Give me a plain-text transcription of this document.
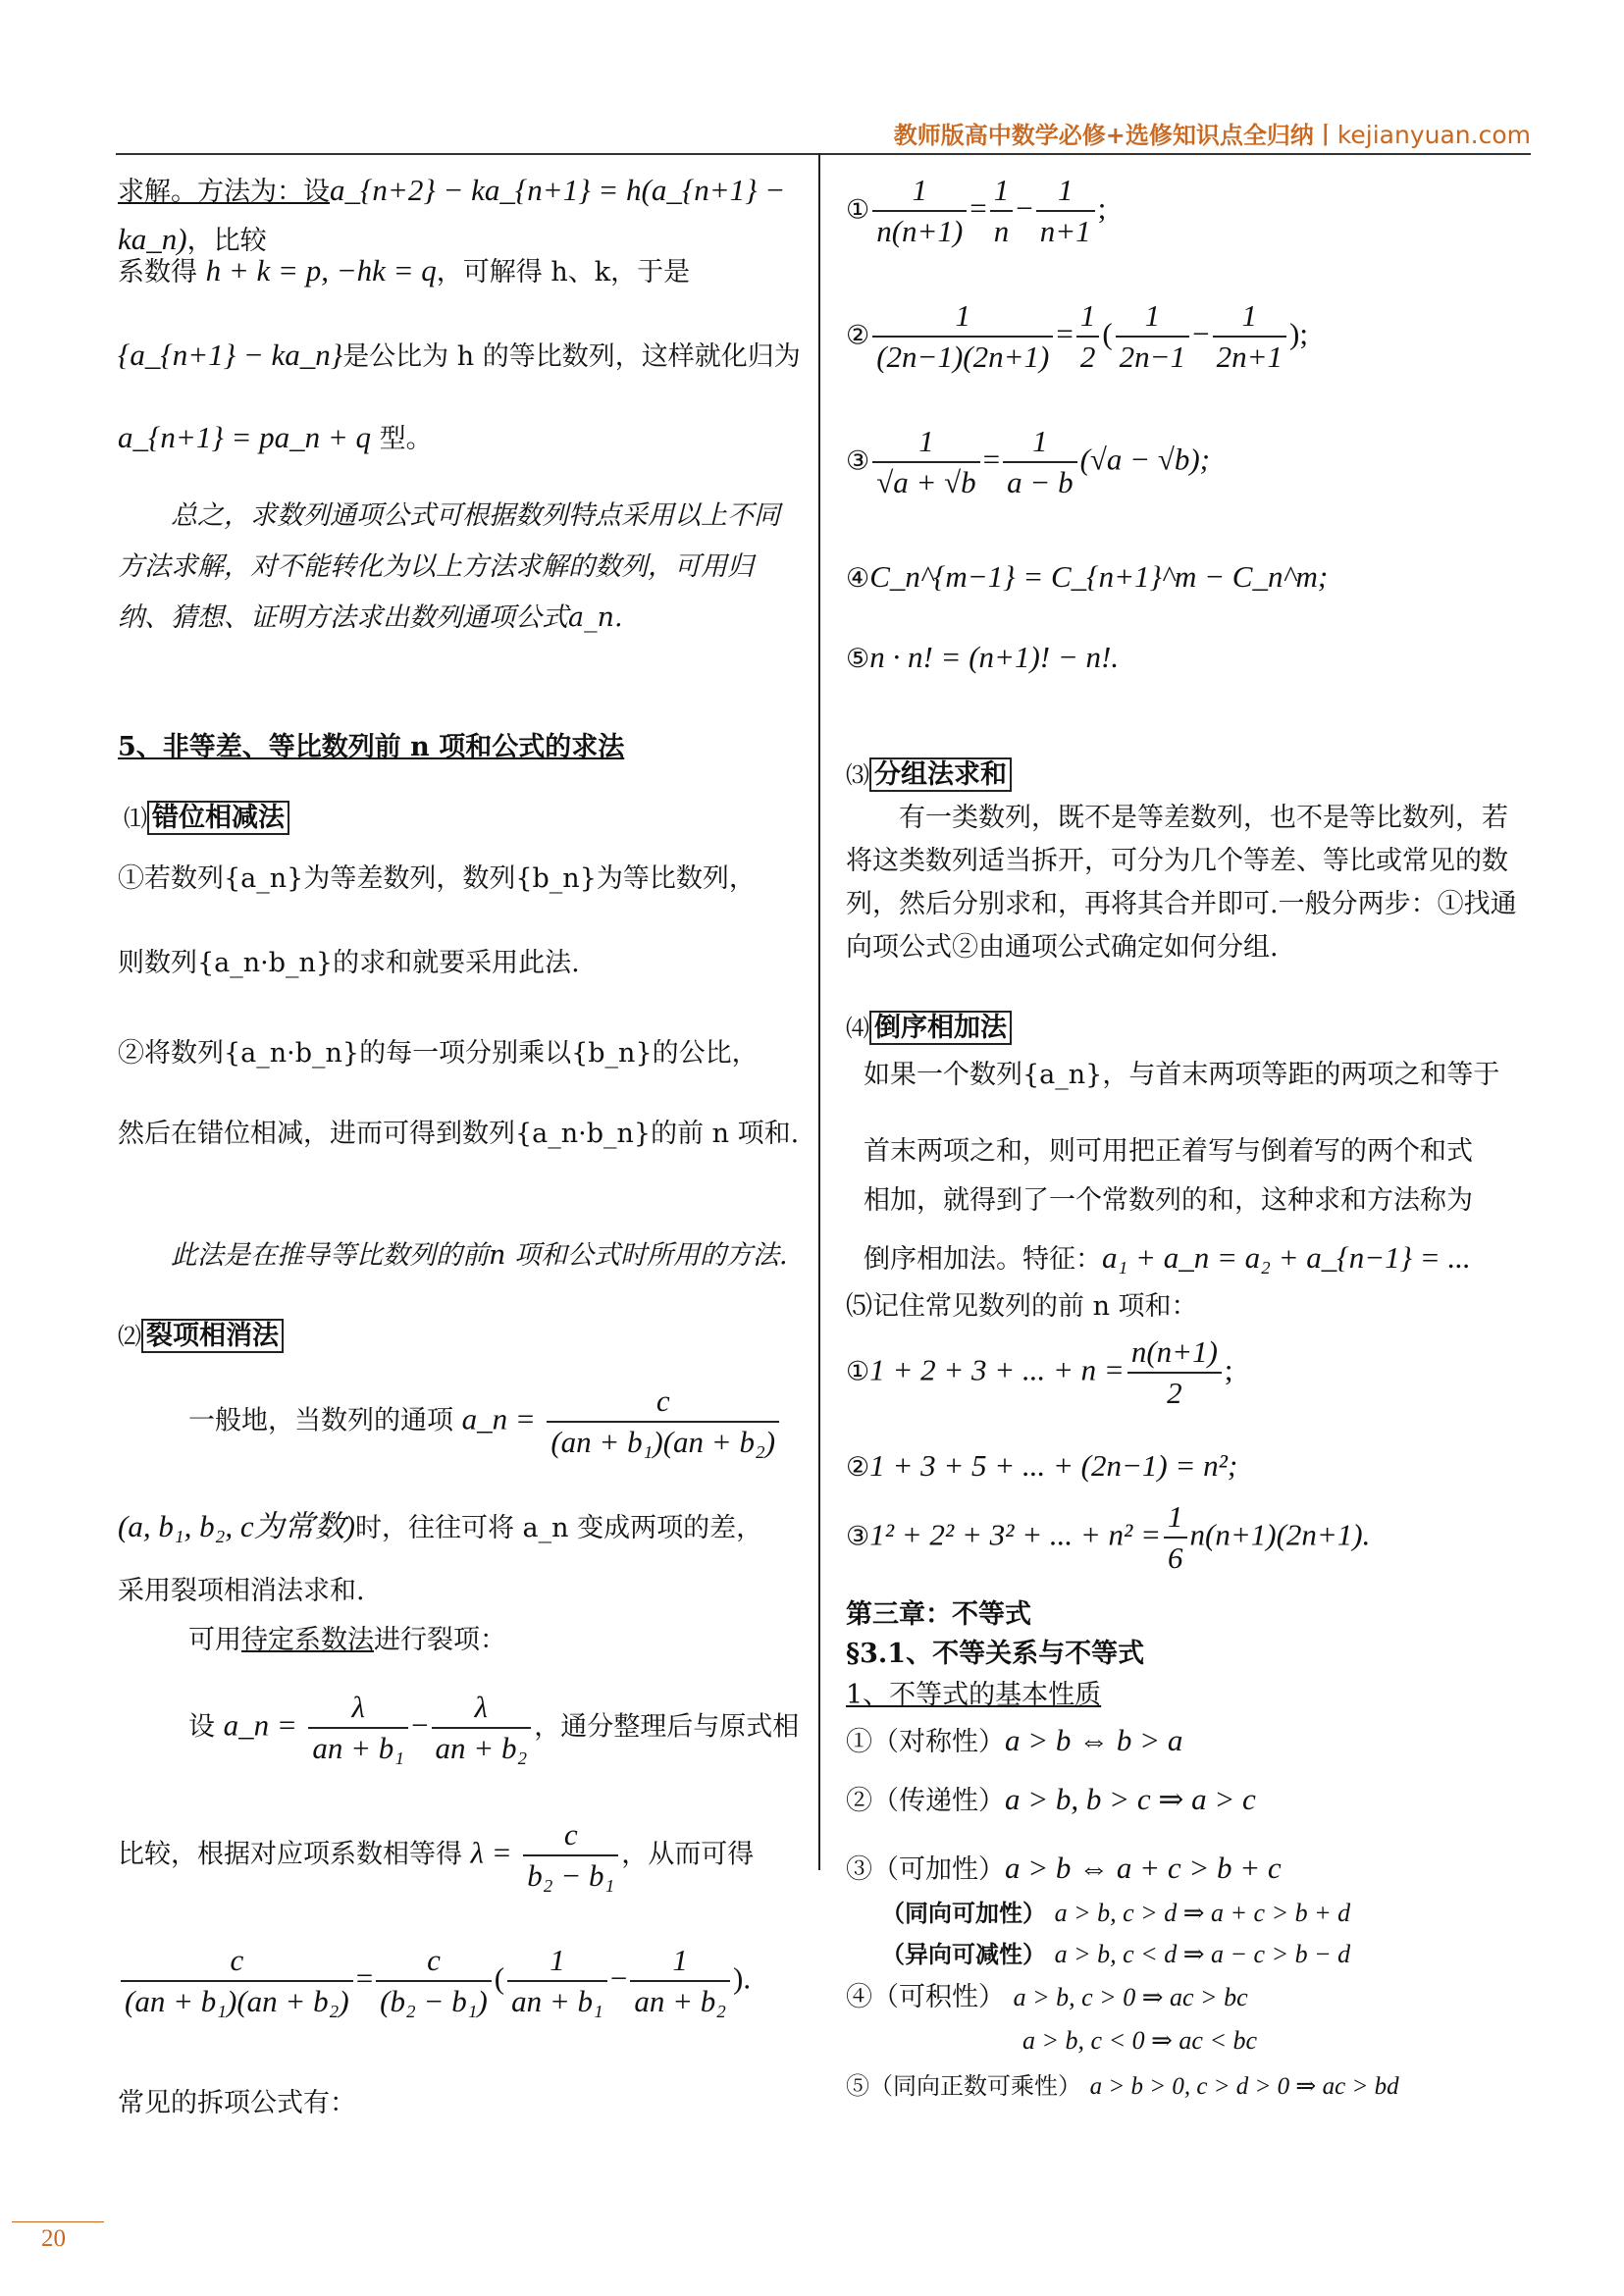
教师版高中数学必修+选修知识点全归纳丨kejianyuan.com
求解。方法为：设a_{n+2} − ka_{n+1} = h(a_{n+1} − ka_n)，比较
系数得 h + k = p, −hk = q，可解得 h、k，于是
{a_{n+1} − ka_n}是公比为 h 的等比数列，这样就化归为
a_{n+1} = pa_n + q 型。
总之，求数列通项公式可根据数列特点采用以上不同方法求解，对不能转化为以上方法求解的数列，可用归纳、猜想、证明方法求出数列通项公式a_n.
5、非等差、等比数列前 n 项和公式的求法
⑴ 错位相减法
①若数列{a_n}为等差数列，数列{b_n}为等比数列，
则数列{a_n·b_n}的求和就要采用此法.
②将数列{a_n·b_n}的每一项分别乘以{b_n}的公比，
然后在错位相减，进而可得到数列{a_n·b_n}的前 n 项和.
此法是在推导等比数列的前n 项和公式时所用的方法.
⑵ 裂项相消法
一般地，当数列的通项 a_n = $\frac{c}{\text{(an + b₁)(an + b₂)}}$
(a, b₁, b₂, c为常数)时，往往可将 a_n 变成两项的差，
采用裂项相消法求和.
可用待定系数法进行裂项：
设 a_n = $\frac{\lambda}{\text{an + b₁}} - \frac{\lambda}{\text{an + b₂}}$ ，通分整理后与原式相
比较，根据对应项系数相等得 $\lambda = \frac{c}{\text{b₂ − b₁}}$ ，从而可得
$\frac{c}{\text{(an + b₁)(an + b₂)}} = \frac{c}{\text{(b₂ − b₁)}}$ ( $\frac{1}{\text{an + b₁}} - \frac{1}{\text{an + b₂}}$ ).
常见的拆项公式有：
① $\frac{1}{n(n+1)} = \frac{1}{n} - \frac{1}{n+1}$ ;
② $\frac{1}{(2n-1)(2n+1)} = \frac{1}{2}$ ( $\frac{1}{2n-1} - \frac{1}{2n+1}$ );
③ $\frac{1}{√a + √b} = \frac{1}{a - b} (√a - √b)$;
④C_n^{m−1} = C_{n+1}^m − C_n^m;
⑤n · n! = (n+1)! − n!.
⑶ 分组法求和
有一类数列，既不是等差数列，也不是等比数列，若将这类数列适当拆开，可分为几个等差、等比或常见的数列，然后分别求和，再将其合并即可.一般分两步：①找通向项公式②由通项公式确定如何分组.
⑷ 倒序相加法
如果一个数列{a_n}，与首末两项等距的两项之和等于
首末两项之和，则可用把正着写与倒着写的两个和式
相加，就得到了一个常数列的和，这种求和方法称为
倒序相加法。特征：a₁ + a_n = a₂ + a_{n−1} = ...
⑸记住常见数列的前 n 项和：
①1 + 2 + 3 + ... + $n = \frac{n(n+1)}{2}$ ;
②1 + 3 + 5 + ... + (2n−1) = n²;
③1² + 2² + 3² + ... + $n^2 = \frac{1}{6} n(n+1)(2n+1)$.
第三章：不等式
§3.1、不等关系与不等式
1、不等式的基本性质
①（对称性）a > b ⇔ b > a
②（传递性）a > b, b > c ⇒ a > c
③（可加性）a > b ⇔ a + c > b + c
（同向可加性） a > b, c > d ⇒ a + c > b + d
（异向可减性） a > b, c < d ⇒ a − c > b − d
④（可积性） a > b, c > 0 ⇒ ac > bc
a > b, c < 0 ⇒ ac < bc
⑤（同向正数可乘性） a > b > 0, c > d > 0 ⇒ ac > bd
20
